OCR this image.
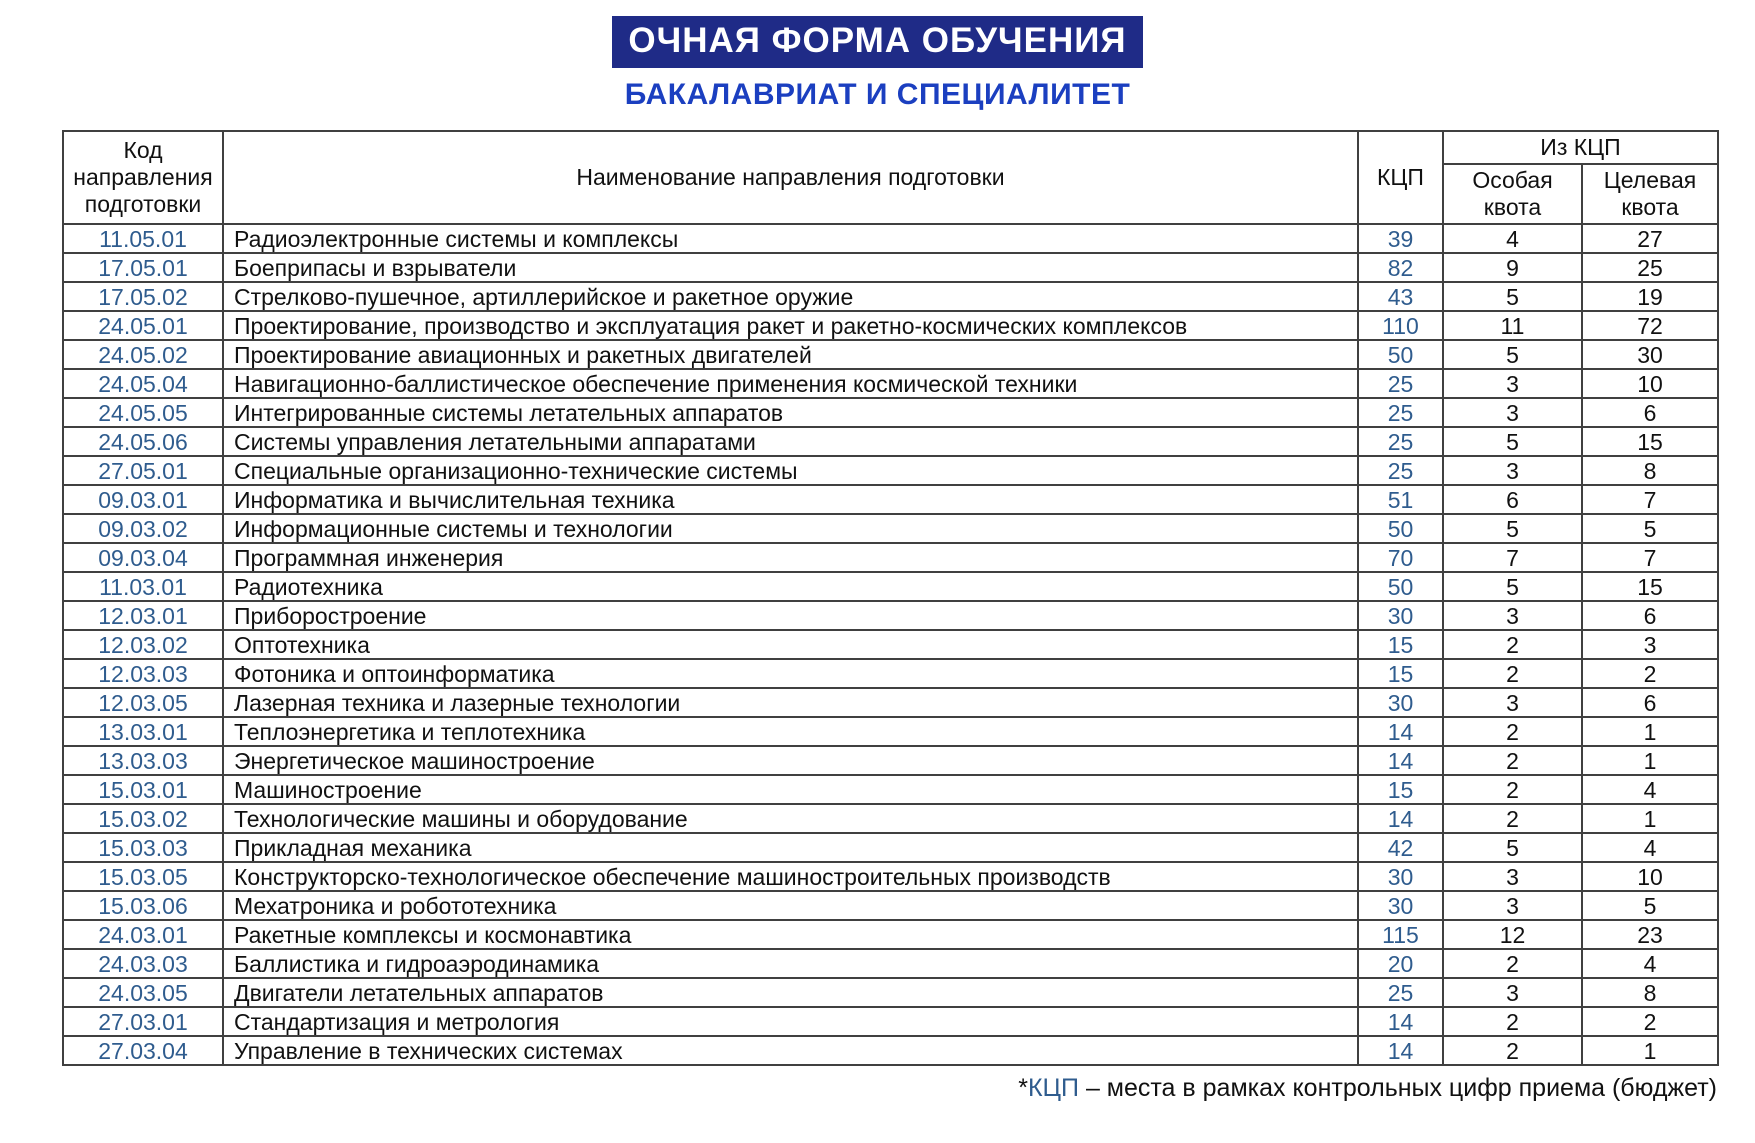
ОЧНАЯ ФОРМА ОБУЧЕНИЯ
БАКАЛАВРИАТ И СПЕЦИАЛИТЕТ
Код направления подготовки	Наименование направления подготовки	КЦП	Из КЦП	
			Особая квота	Целевая квота
11.05.01	Радиоэлектронные системы и комплексы	39	4	27
17.05.01	Боеприпасы и взрыватели	82	9	25
17.05.02	Стрелково-пушечное, артиллерийское и ракетное оружие	43	5	19
24.05.01	Проектирование, производство и эксплуатация ракет и ракетно-космических комплексов	110	11	72
24.05.02	Проектирование авиационных и ракетных двигателей	50	5	30
24.05.04	Навигационно-баллистическое обеспечение применения космической техники	25	3	10
24.05.05	Интегрированные системы летательных аппаратов	25	3	6
24.05.06	Системы управления летательными аппаратами	25	5	15
27.05.01	Специальные организационно-технические системы	25	3	8
09.03.01	Информатика и вычислительная техника	51	6	7
09.03.02	Информационные системы и технологии	50	5	5
09.03.04	Программная инженерия	70	7	7
11.03.01	Радиотехника	50	5	15
12.03.01	Приборостроение	30	3	6
12.03.02	Оптотехника	15	2	3
12.03.03	Фотоника и оптоинформатика	15	2	2
12.03.05	Лазерная техника и лазерные технологии	30	3	6
13.03.01	Теплоэнергетика и теплотехника	14	2	1
13.03.03	Энергетическое машиностроение	14	2	1
15.03.01	Машиностроение	15	2	4
15.03.02	Технологические машины и оборудование	14	2	1
15.03.03	Прикладная механика	42	5	4
15.03.05	Конструкторско-технологическое обеспечение машиностроительных производств	30	3	10
15.03.06	Мехатроника и робототехника	30	3	5
24.03.01	Ракетные комплексы и космонавтика	115	12	23
24.03.03	Баллистика и гидроаэродинамика	20	2	4
24.03.05	Двигатели летательных аппаратов	25	3	8
27.03.01	Стандартизация и метрология	14	2	2
27.03.04	Управление в технических системах	14	2	1
*КЦП – места в рамках контрольных цифр приема (бюджет)
